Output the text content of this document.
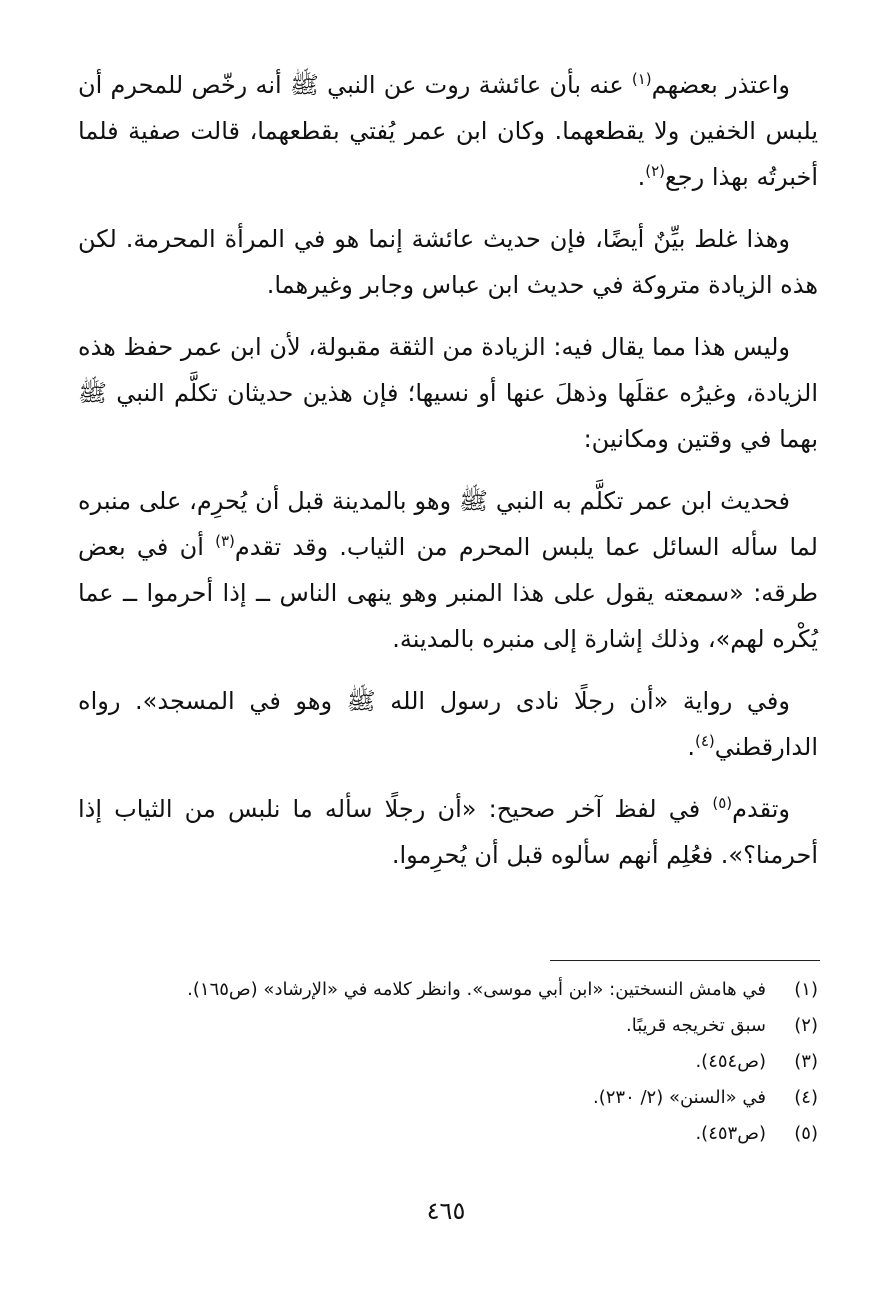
واعتذر بعضهم$^{(١)}$ عنه بأن عائشة روت عن النبي ﷺ أنه رخّص للمحرم أن يلبس الخفين ولا يقطعهما. وكان ابن عمر يُفتي بقطعهما، قالت صفية فلما أخبرتُه بهذا رجع$^{(٢)}$.

وهذا غلط بيِّنٌ أيضًا، فإن حديث عائشة إنما هو في المرأة المحرمة. لكن هذه الزيادة متروكة في حديث ابن عباس وجابر وغيرهما.

وليس هذا مما يقال فيه: الزيادة من الثقة مقبولة، لأن ابن عمر حفظ هذه الزيادة، وغيرُه عقلَها وذهلَ عنها أو نسيها؛ فإن هذين حديثان تكلَّم النبي ﷺ بهما في وقتين ومكانين:

فحديث ابن عمر تكلَّم به النبي ﷺ وهو بالمدينة قبل أن يُحرِم، على منبره لما سأله السائل عما يلبس المحرم من الثياب. وقد تقدم$^{(٣)}$ أن في بعض طرقه: «سمعته يقول على هذا المنبر وهو ينهى الناس ــ إذا أحرموا ــ عما يُكْره لهم»، وذلك إشارة إلى منبره بالمدينة.

وفي رواية «أن رجلًا نادى رسول الله ﷺ وهو في المسجد». رواه الدارقطني$^{(٤)}$.

وتقدم$^{(٥)}$ في لفظ آخر صحيح: «أن رجلًا سأله ما نلبس من الثياب إذا أحرمنا؟». فعُلِم أنهم سألوه قبل أن يُحرِموا.

(١)
في هامش النسختين: «ابن أبي موسى». وانظر كلامه في «الإرشاد» (ص١٦٥).
(٢)
سبق تخريجه قريبًا.
(٣)
(ص٤٥٤).
(٤)
في «السنن» (٢/ ٢٣٠).
(٥)
(ص٤٥٣).
٤٦٥
